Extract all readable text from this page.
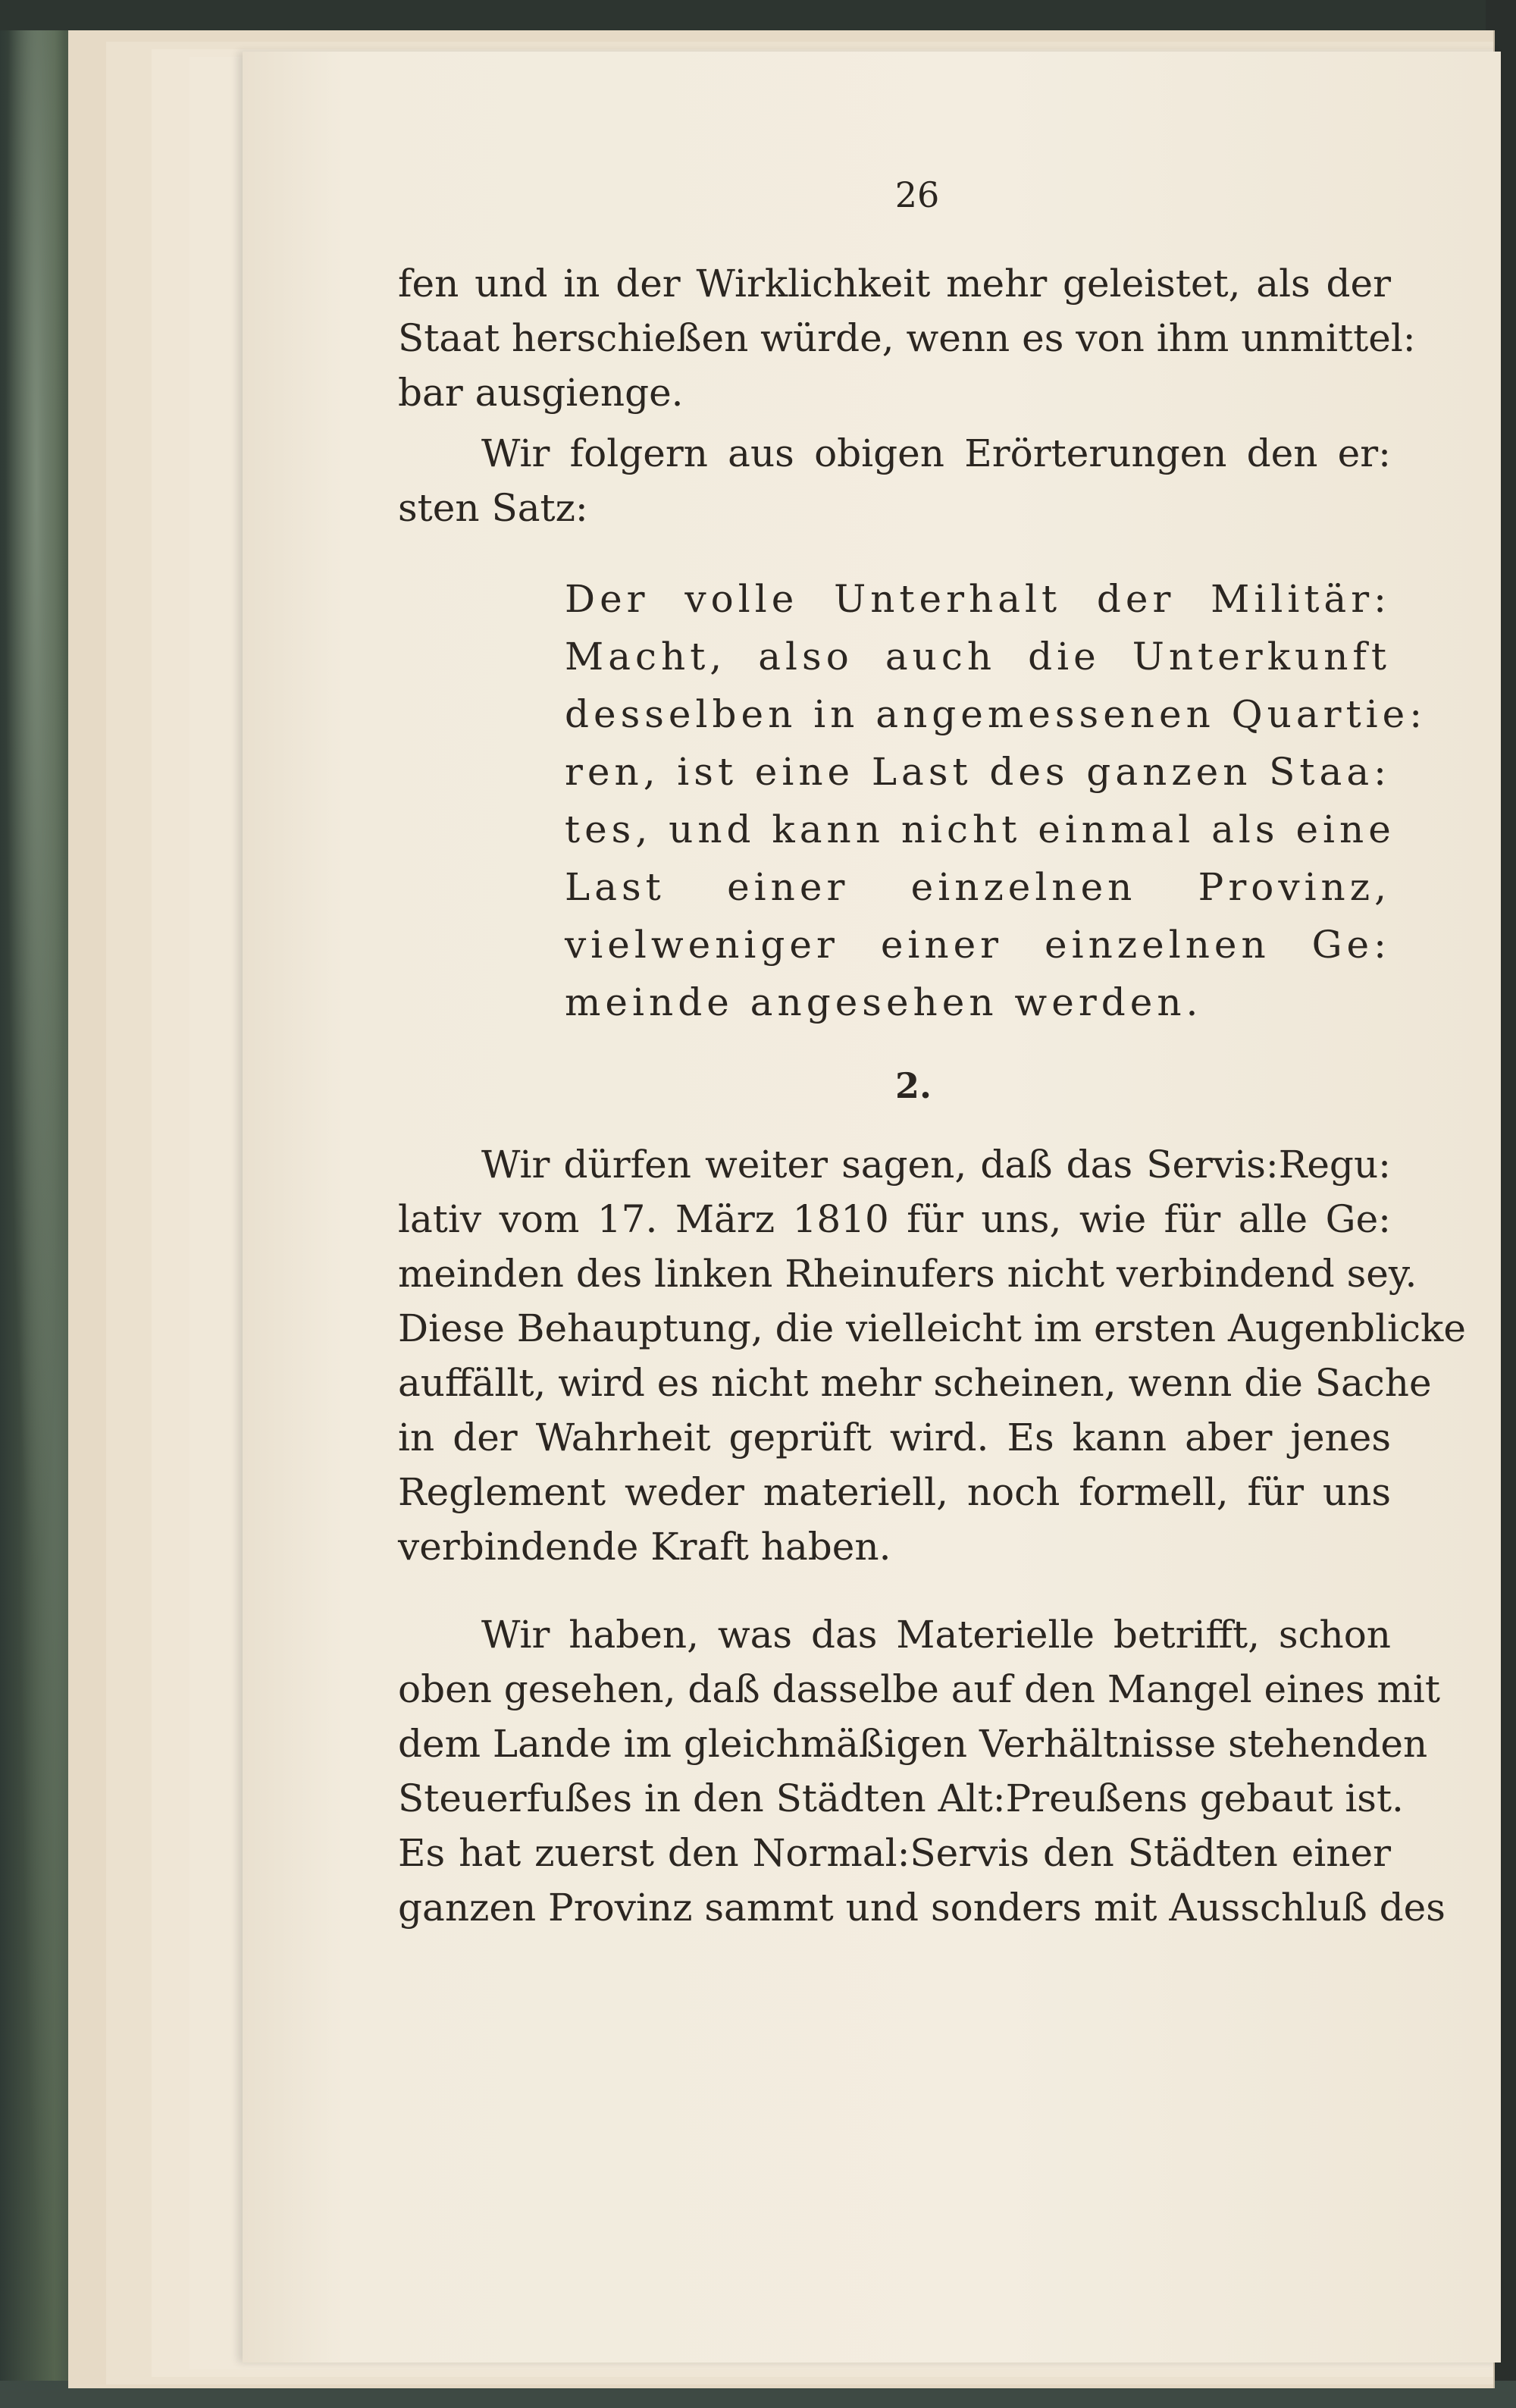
26
fen und in der Wirklichkeit mehr geleistet, als der
Staat herschießen würde, wenn es von ihm unmittel:
bar ausgienge.
Wir folgern aus obigen Erörterungen den er:
sten Satz:
Der volle Unterhalt der Militär:
Macht, also auch die Unterkunft
desselben in angemessenen Quartie:
ren, ist eine Last des ganzen Staa:
tes, und kann nicht einmal als eine
Last einer einzelnen Provinz,
vielweniger einer einzelnen Ge:
meinde angesehen werden.
2.
Wir dürfen weiter sagen, daß das Servis:Regu:
lativ vom 17. März 1810 für uns, wie für alle Ge:
meinden des linken Rheinufers nicht verbindend sey.
Diese Behauptung, die vielleicht im ersten Augenblicke
auffällt, wird es nicht mehr scheinen, wenn die Sache
in der Wahrheit geprüft wird. Es kann aber jenes
Reglement weder materiell, noch formell, für uns
verbindende Kraft haben.
Wir haben, was das Materielle betrifft, schon
oben gesehen, daß dasselbe auf den Mangel eines mit
dem Lande im gleichmäßigen Verhältnisse stehenden
Steuerfußes in den Städten Alt:Preußens gebaut ist.
Es hat zuerst den Normal:Servis den Städten einer
ganzen Provinz sammt und sonders mit Ausschluß des
